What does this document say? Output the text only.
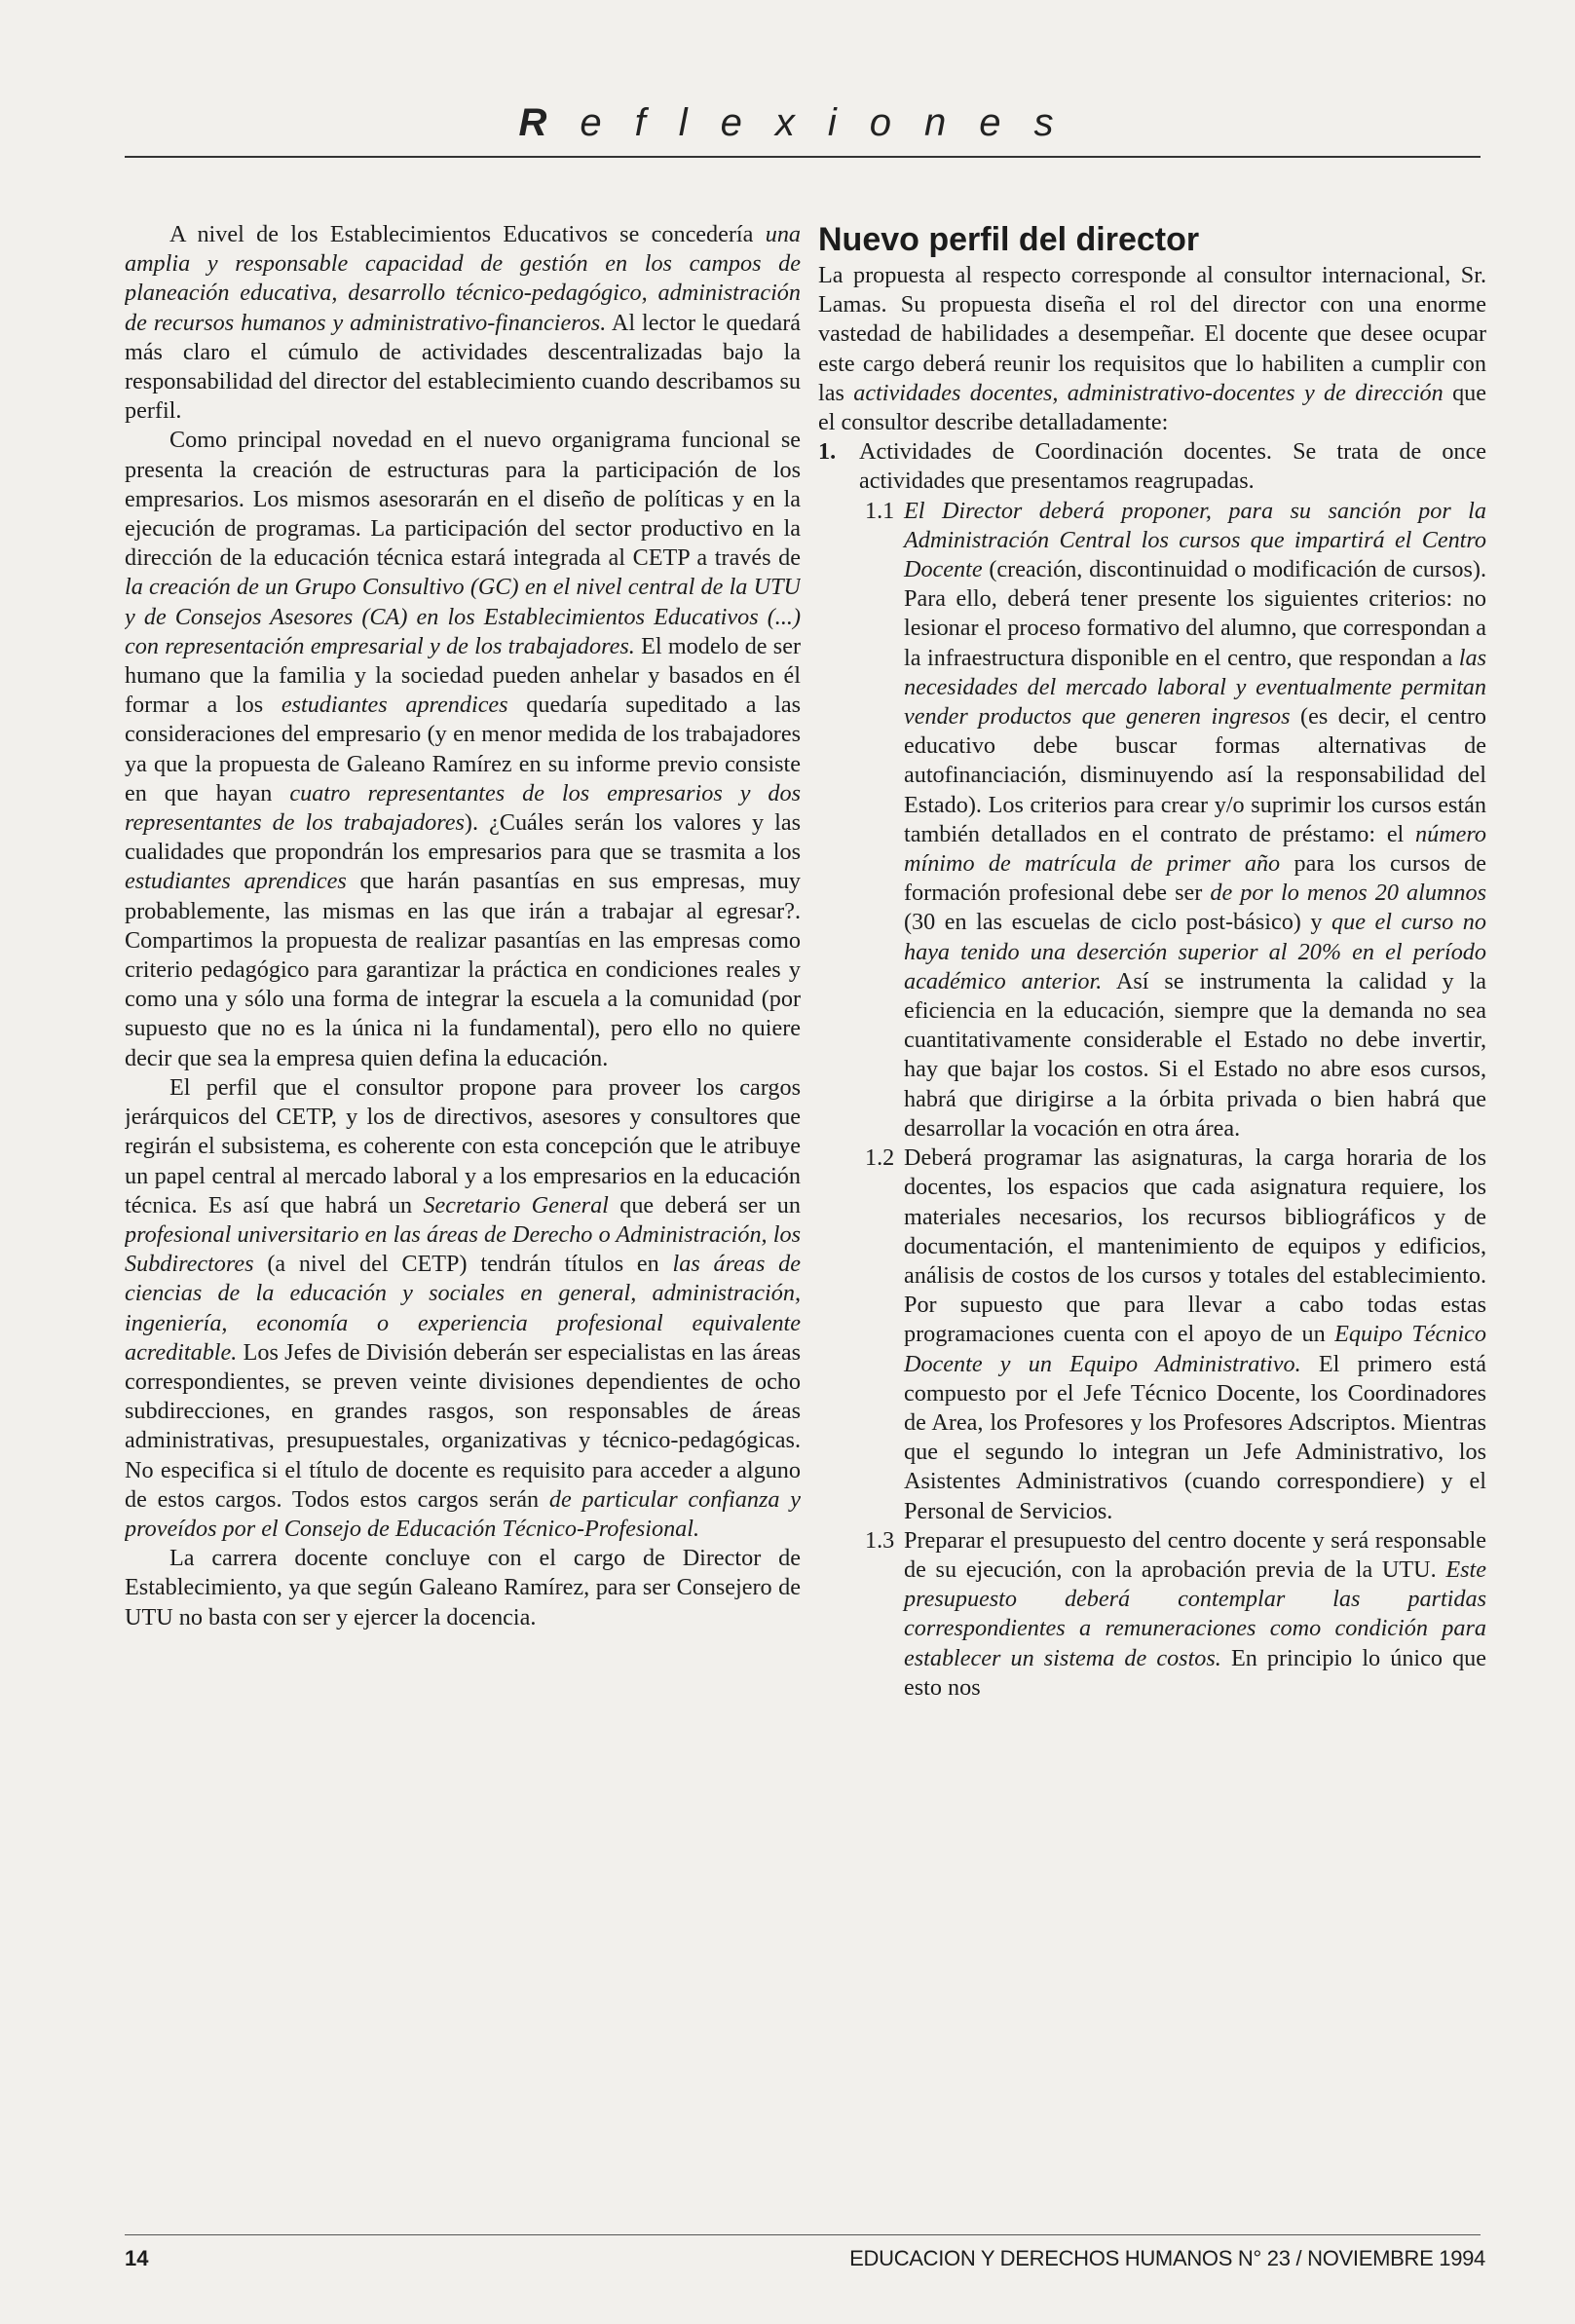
Reflexiones

A nivel de los Establecimientos Educativos se concedería una amplia y responsable capacidad de gestión en los campos de planeación educativa, desarrollo técnico-pedagógico, administración de recursos humanos y administrativo-financieros. Al lector le quedará más claro el cúmulo de actividades descentralizadas bajo la responsabilidad del director del establecimiento cuando describamos su perfil.

Como principal novedad en el nuevo organigrama funcional se presenta la creación de estructuras para la participación de los empresarios. Los mismos asesorarán en el diseño de políticas y en la ejecución de programas. La participación del sector productivo en la dirección de la educación técnica estará integrada al CETP a través de la creación de un Grupo Consultivo (GC) en el nivel central de la UTU y de Consejos Asesores (CA) en los Establecimientos Educativos (...) con representación empresarial y de los trabajadores. El modelo de ser humano que la familia y la sociedad pueden anhelar y basados en él formar a los estudiantes aprendices quedaría supeditado a las consideraciones del empresario (y en menor medida de los trabajadores ya que la propuesta de Galeano Ramírez en su informe previo consiste en que hayan cuatro representantes de los empresarios y dos representantes de los trabajadores). ¿Cuáles serán los valores y las cualidades que propondrán los empresarios para que se trasmita a los estudiantes aprendices que harán pasantías en sus empresas, muy probablemente, las mismas en las que irán a trabajar al egresar?. Compartimos la propuesta de realizar pasantías en las empresas como criterio pedagógico para garantizar la práctica en condiciones reales y como una y sólo una forma de integrar la escuela a la comunidad (por supuesto que no es la única ni la fundamental), pero ello no quiere decir que sea la empresa quien defina la educación.

El perfil que el consultor propone para proveer los cargos jerárquicos del CETP, y los de directivos, asesores y consultores que regirán el subsistema, es coherente con esta concepción que le atribuye un papel central al mercado laboral y a los empresarios en la educación técnica. Es así que habrá un Secretario General que deberá ser un profesional universitario en las áreas de Derecho o Administración, los Subdirectores (a nivel del CETP) tendrán títulos en las áreas de ciencias de la educación y sociales en general, administración, ingeniería, economía o experiencia profesional equivalente acreditable. Los Jefes de División deberán ser especialistas en las áreas correspondientes, se preven veinte divisiones dependientes de ocho subdirecciones, en grandes rasgos, son responsables de áreas administrativas, presupuestales, organizativas y técnico-pedagógicas. No especifica si el título de docente es requisito para acceder a alguno de estos cargos. Todos estos cargos serán de particular confianza y proveídos por el Consejo de Educación Técnico-Profesional.

La carrera docente concluye con el cargo de Director de Establecimiento, ya que según Galeano Ramírez, para ser Consejero de UTU no basta con ser y ejercer la docencia.

Nuevo perfil del director

La propuesta al respecto corresponde al consultor internacional, Sr. Lamas. Su propuesta diseña el rol del director con una enorme vastedad de habilidades a desempeñar. El docente que desee ocupar este cargo deberá reunir los requisitos que lo habiliten a cumplir con las actividades docentes, administrativo-docentes y de dirección que el consultor describe detalladamente:

1. Actividades de Coordinación docentes. Se trata de once actividades que presentamos reagrupadas.

1.1 El Director deberá proponer, para su sanción por la Administración Central los cursos que impartirá el Centro Docente (creación, discontinuidad o modificación de cursos). Para ello, deberá tener presente los siguientes criterios: no lesionar el proceso formativo del alumno, que correspondan a la infraestructura disponible en el centro, que respondan a las necesidades del mercado laboral y eventualmente permitan vender productos que generen ingresos (es decir, el centro educativo debe buscar formas alternativas de autofinanciación, disminuyendo así la responsabilidad del Estado). Los criterios para crear y/o suprimir los cursos están también detallados en el contrato de préstamo: el número mínimo de matrícula de primer año para los cursos de formación profesional debe ser de por lo menos 20 alumnos (30 en las escuelas de ciclo post-básico) y que el curso no haya tenido una deserción superior al 20% en el período académico anterior. Así se instrumenta la calidad y la eficiencia en la educación, siempre que la demanda no sea cuantitativamente considerable el Estado no debe invertir, hay que bajar los costos. Si el Estado no abre esos cursos, habrá que dirigirse a la órbita privada o bien habrá que desarrollar la vocación en otra área.

1.2 Deberá programar las asignaturas, la carga horaria de los docentes, los espacios que cada asignatura requiere, los materiales necesarios, los recursos bibliográficos y de documentación, el mantenimiento de equipos y edificios, análisis de costos de los cursos y totales del establecimiento. Por supuesto que para llevar a cabo todas estas programaciones cuenta con el apoyo de un Equipo Técnico Docente y un Equipo Administrativo. El primero está compuesto por el Jefe Técnico Docente, los Coordinadores de Area, los Profesores y los Profesores Adscriptos. Mientras que el segundo lo integran un Jefe Administrativo, los Asistentes Administrativos (cuando correspondiere) y el Personal de Servicios.

1.3 Preparar el presupuesto del centro docente y será responsable de su ejecución, con la aprobación previa de la UTU. Este presupuesto deberá contemplar las partidas correspondientes a remuneraciones como condición para establecer un sistema de costos. En principio lo único que esto nos

14	EDUCACION Y DERECHOS HUMANOS N° 23 / NOVIEMBRE 1994
